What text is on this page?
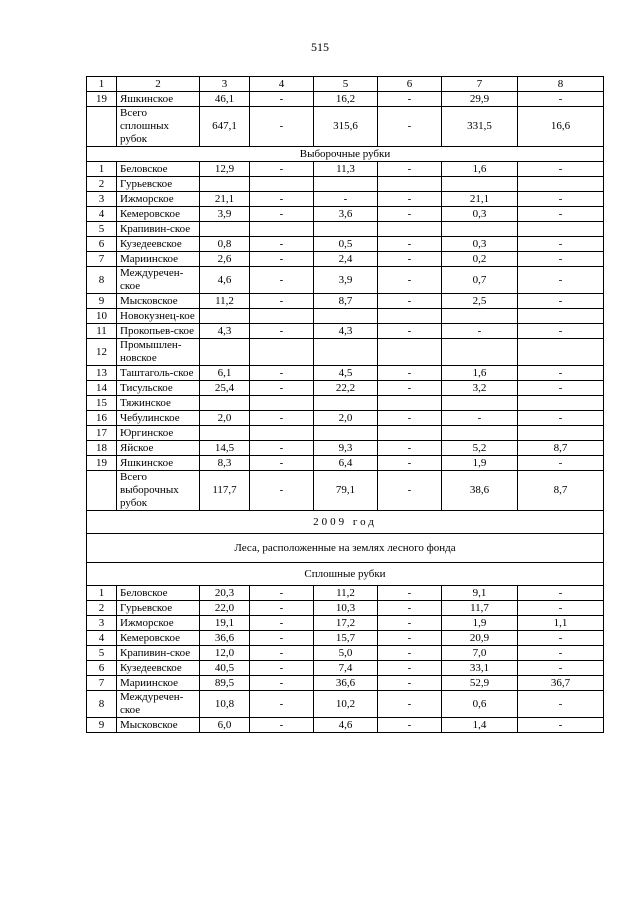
515
1	2	3	4	5	6	7	8
19	Яшкинское	46,1	-	16,2	-	29,9	-
	Всего сплошных рубок	647,1	-	315,6	-	331,5	16,6
Выборочные рубки							
1	Беловское	12,9	-	11,3	-	1,6	-
2	Гурьевское						
3	Ижморское	21,1	-	-	-	21,1	-
4	Кемеровское	3,9	-	3,6	-	0,3	-
5	Крапивин-ское						
6	Кузедеевское	0,8	-	0,5	-	0,3	-
7	Мариинское	2,6	-	2,4	-	0,2	-
8	Междуречен-ское	4,6	-	3,9	-	0,7	-
9	Мысковское	11,2	-	8,7	-	2,5	-
10	Новокузнец-кое						
11	Прокопьев-ское	4,3	-	4,3	-	-	-
12	Промышлен-новское						
13	Таштаголь-ское	6,1	-	4,5	-	1,6	-
14	Тисульское	25,4	-	22,2	-	3,2	-
15	Тяжинское						
16	Чебулинское	2,0	-	2,0	-	-	-
17	Юргинское						
18	Яйское	14,5	-	9,3	-	5,2	8,7
19	Яшкинское	8,3	-	6,4	-	1,9	-
	Всего выборочных рубок	117,7	-	79,1	-	38,6	8,7
2009 год							
Леса, расположенные на землях лесного фонда							
Сплошные рубки							
1	Беловское	20,3	-	11,2	-	9,1	-
2	Гурьевское	22,0	-	10,3	-	11,7	-
3	Ижморское	19,1	-	17,2	-	1,9	1,1
4	Кемеровское	36,6	-	15,7	-	20,9	-
5	Крапивин-ское	12,0	-	5,0	-	7,0	-
6	Кузедеевское	40,5	-	7,4	-	33,1	-
7	Мариинское	89,5	-	36,6	-	52,9	36,7
8	Междуречен-ское	10,8	-	10,2	-	0,6	-
9	Мысковское	6,0	-	4,6	-	1,4	-
